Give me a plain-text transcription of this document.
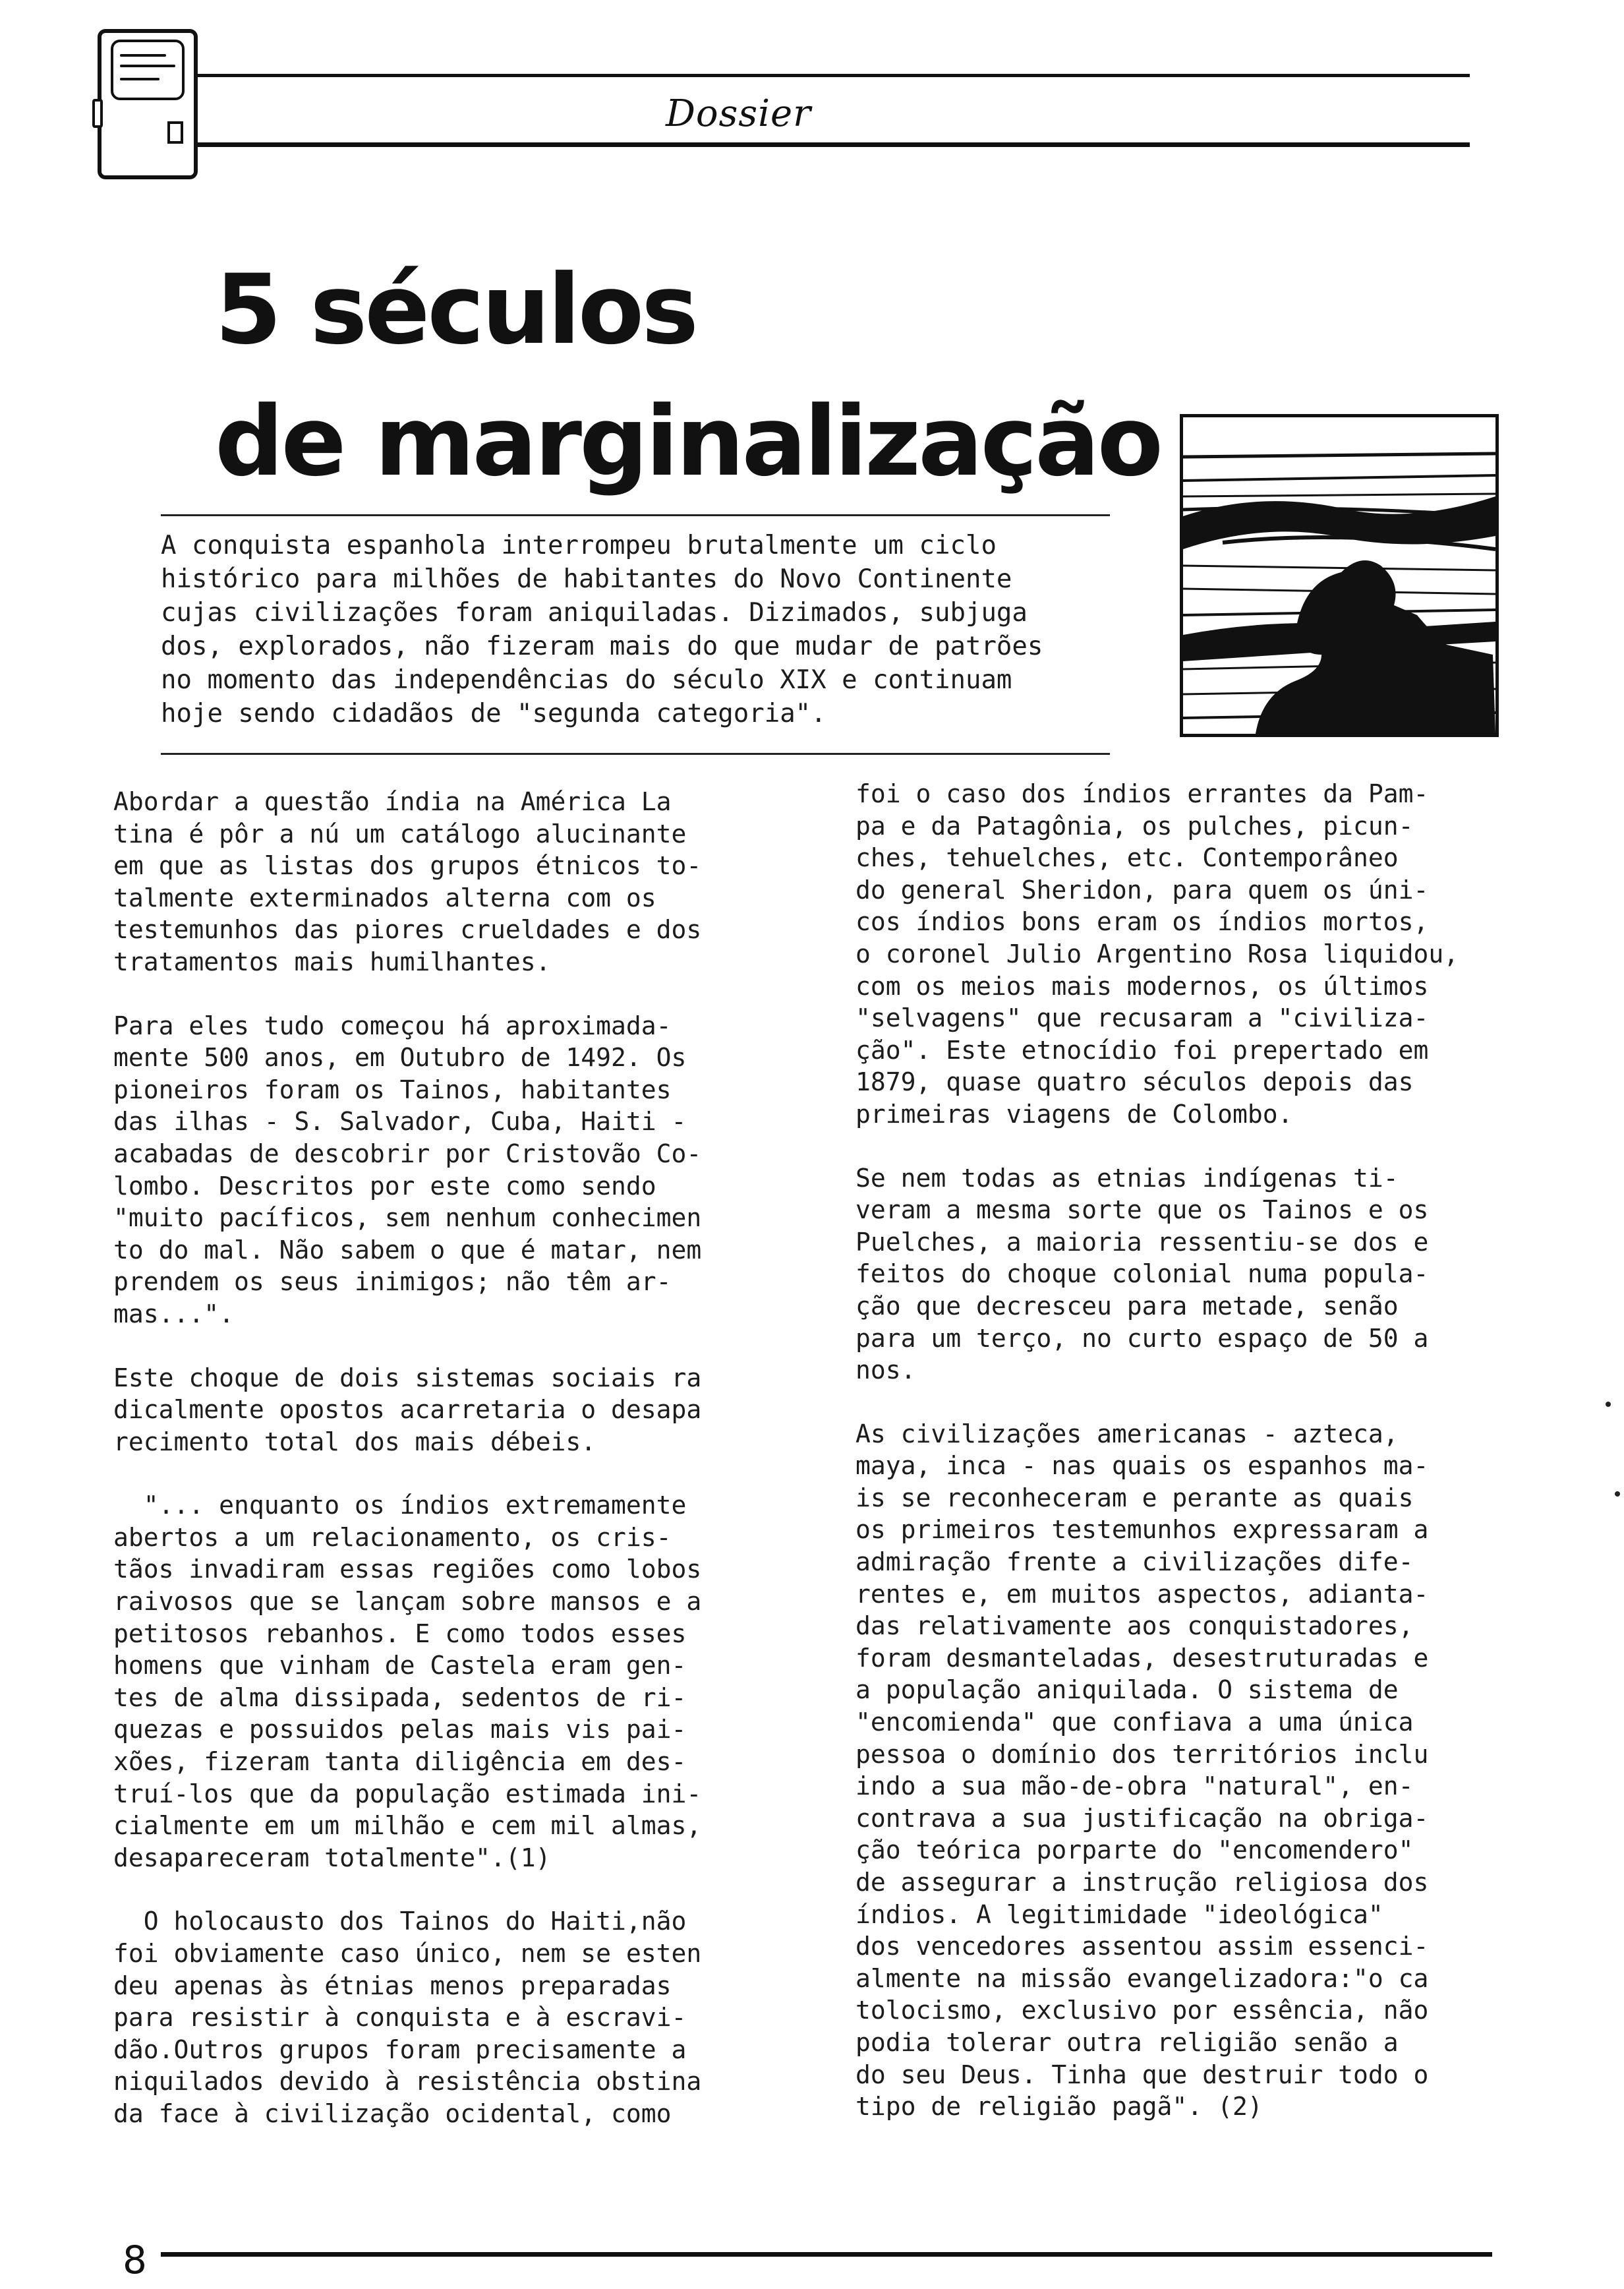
Dossier
5 séculos
de marginalização
A conquista espanhola interrompeu brutalmente um ciclo
histórico para milhões de habitantes do Novo Continente
cujas civilizações foram aniquiladas. Dizimados, subjuga
dos, explorados, não fizeram mais do que mudar de patrões
no momento das independências do século XIX e continuam
hoje sendo cidadãos de "segunda categoria".

Abordar a questão índia na América La
tina é pôr a nú um catálogo alucinante
em que as listas dos grupos étnicos to-
talmente exterminados alterna com os
testemunhos das piores crueldades e dos
tratamentos mais humilhantes.

Para eles tudo começou há aproximada-
mente 500 anos, em Outubro de 1492. Os
pioneiros foram os Tainos, habitantes
das ilhas - S. Salvador, Cuba, Haiti -
acabadas de descobrir por Cristovão Co-
lombo. Descritos por este como sendo
"muito pacíficos, sem nenhum conhecimen
to do mal. Não sabem o que é matar, nem
prendem os seus inimigos; não têm ar-
mas...".

Este choque de dois sistemas sociais ra
dicalmente opostos acarretaria o desapa
recimento total dos mais débeis.

"... enquanto os índios extremamente
abertos a um relacionamento, os cris-
tãos invadiram essas regiões como lobos
raivosos que se lançam sobre mansos e a
petitosos rebanhos. E como todos esses
homens que vinham de Castela eram gen-
tes de alma dissipada, sedentos de ri-
quezas e possuidos pelas mais vis pai-
xões, fizeram tanta diligência em des-
truí-los que da população estimada ini-
cialmente em um milhão e cem mil almas,
desapareceram totalmente".(1)

O holocausto dos Tainos do Haiti,não
foi obviamente caso único, nem se esten
deu apenas às étnias menos preparadas
para resistir à conquista e à escravi-
dão.Outros grupos foram precisamente a
niquilados devido à resistência obstina
da face à civilização ocidental, como

foi o caso dos índios errantes da Pam-
pa e da Patagônia, os pulches, picun-
ches, tehuelches, etc. Contemporâneo
do general Sheridon, para quem os úni-
cos índios bons eram os índios mortos,
o coronel Julio Argentino Rosa liquidou,
com os meios mais modernos, os últimos
"selvagens" que recusaram a "civiliza-
ção". Este etnocídio foi prepertado em
1879, quase quatro séculos depois das
primeiras viagens de Colombo.

Se nem todas as etnias indígenas ti-
veram a mesma sorte que os Tainos e os
Puelches, a maioria ressentiu-se dos e
feitos do choque colonial numa popula-
ção que decresceu para metade, senão
para um terço, no curto espaço de 50 a
nos.

As civilizações americanas - azteca,
maya, inca - nas quais os espanhos ma-
is se reconheceram e perante as quais
os primeiros testemunhos expressaram a
admiração frente a civilizações dife-
rentes e, em muitos aspectos, adianta-
das relativamente aos conquistadores,
foram desmanteladas, desestruturadas e
a população aniquilada. O sistema de
"encomienda" que confiava a uma única
pessoa o domínio dos territórios inclu
indo a sua mão-de-obra "natural", en-
contrava a sua justificação na obriga-
ção teórica porparte do "encomendero"
de assegurar a instrução religiosa dos
índios. A legitimidade "ideológica"
dos vencedores assentou assim essenci-
almente na missão evangelizadora:"o ca
tolocismo, exclusivo por essência, não
podia tolerar outra religião senão a
do seu Deus. Tinha que destruir todo o
tipo de religião pagã". (2)

8
